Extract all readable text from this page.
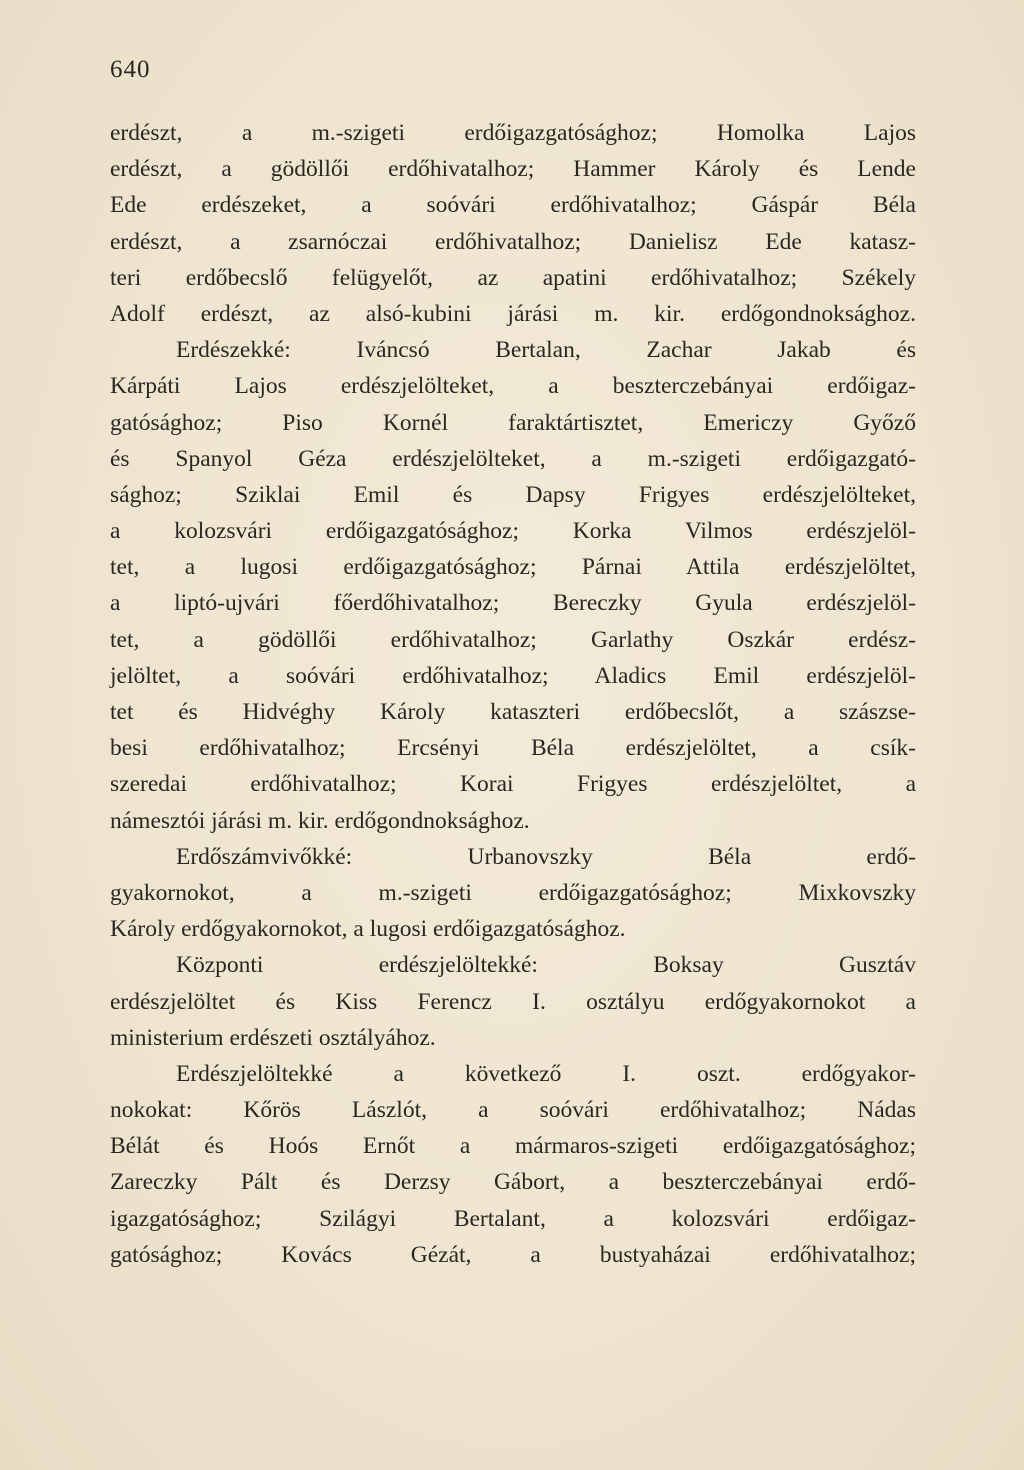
640
erdészt, a m.-szigeti erdőigazgatósághoz; Homolka Lajos
erdészt, a gödöllői erdőhivatalhoz; Hammer Károly és Lende
Ede erdészeket, a soóvári erdőhivatalhoz; Gáspár Béla
erdészt, a zsarnóczai erdőhivatalhoz; Danielisz Ede katasz-
teri erdőbecslő felügyelőt, az apatini erdőhivatalhoz; Székely
Adolf erdészt, az alsó-kubini járási m. kir. erdőgondnoksághoz.
Erdészekké: Iváncsó Bertalan, Zachar Jakab és
Kárpáti Lajos erdészjelölteket, a beszterczebányai erdőigaz-
gatósághoz; Piso Kornél faraktártisztet, Emericzy Győző
és Spanyol Géza erdészjelölteket, a m.-szigeti erdőigazgató-
sághoz; Sziklai Emil és Dapsy Frigyes erdészjelölteket,
a kolozsvári erdőigazgatósághoz; Korka Vilmos erdészjelöl-
tet, a lugosi erdőigazgatósághoz; Párnai Attila erdészjelöltet,
a liptó-ujvári főerdőhivatalhoz; Bereczky Gyula erdészjelöl-
tet, a gödöllői erdőhivatalhoz; Garlathy Oszkár erdész-
jelöltet, a soóvári erdőhivatalhoz; Aladics Emil erdészjelöl-
tet és Hidvéghy Károly kataszteri erdőbecslőt, a szászse-
besi erdőhivatalhoz; Ercsényi Béla erdészjelöltet, a csík-
szeredai erdőhivatalhoz; Korai Frigyes erdészjelöltet, a
námesztói járási m. kir. erdőgondnoksághoz.
Erdőszámvivőkké: Urbanovszky Béla erdő-
gyakornokot, a m.-szigeti erdőigazgatósághoz; Mixkovszky
Károly erdőgyakornokot, a lugosi erdőigazgatósághoz.
Központi erdészjelöltekké: Boksay Gusztáv
erdészjelöltet és Kiss Ferencz I. osztályu erdőgyakornokot a
ministerium erdészeti osztályához.
Erdészjelöltekké a következő I. oszt. erdőgyakor-
nokokat: Kőrös Lászlót, a soóvári erdőhivatalhoz; Nádas
Bélát és Hoós Ernőt a mármaros-szigeti erdőigazgatósághoz;
Zareczky Pált és Derzsy Gábort, a beszterczebányai erdő-
igazgatósághoz; Szilágyi Bertalant, a kolozsvári erdőigaz-
gatósághoz; Kovács Gézát, a bustyaházai erdőhivatalhoz;
